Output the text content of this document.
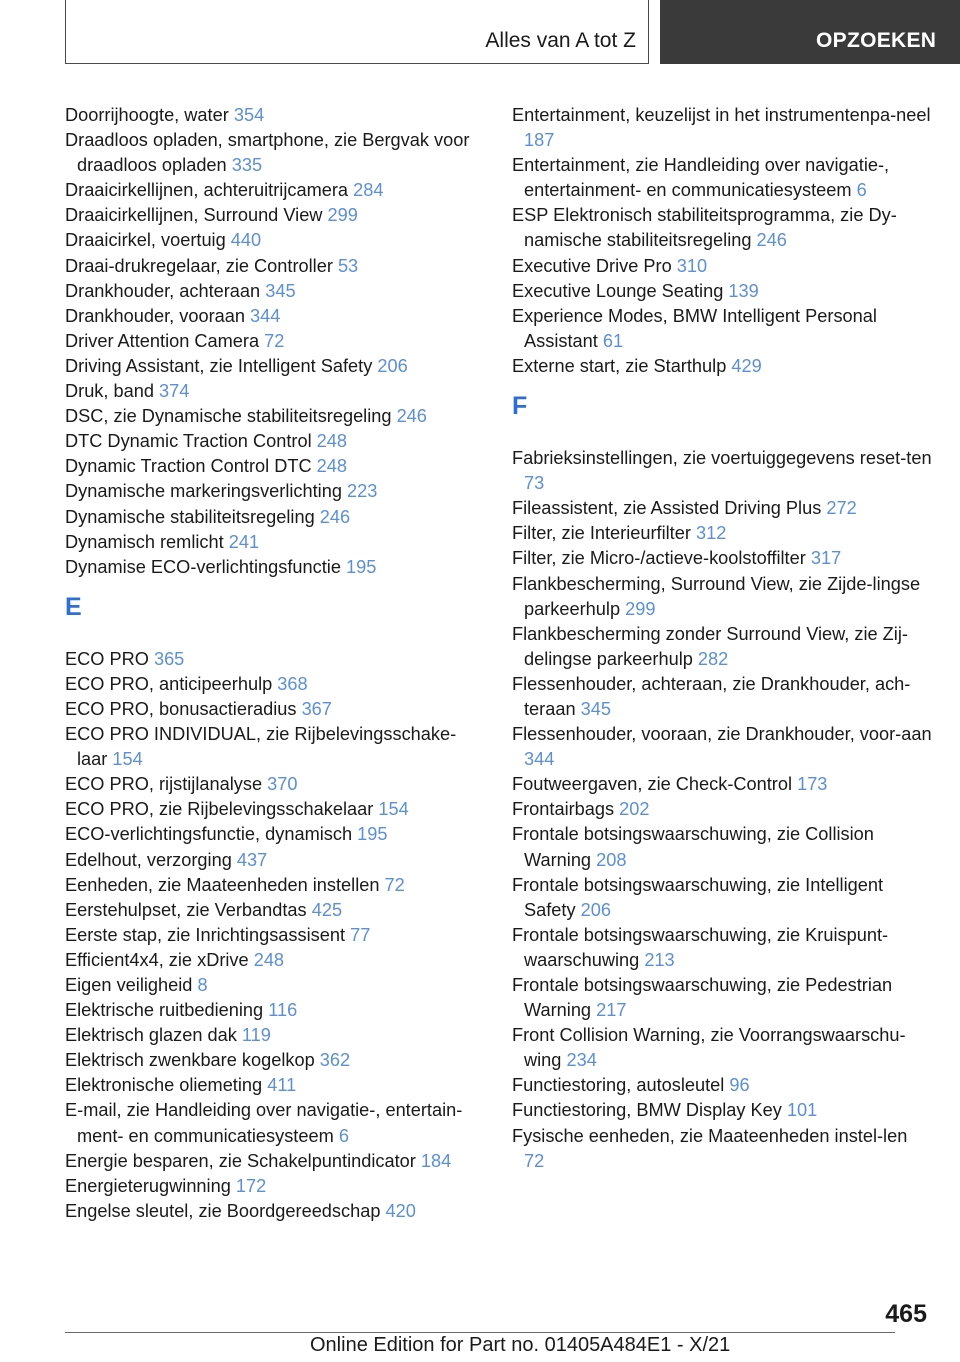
Alles van A tot Z	OPZOEKEN

Doorrijhoogte, water 354

Draadloos opladen, smartphone, zie Bergvak voor draadloos opladen 335

Draaicirkellijnen, achteruitrijcamera 284

Draaicirkellijnen, Surround View 299

Draaicirkel, voertuig 440

Draai-drukregelaar, zie Controller 53

Drankhouder, achteraan 345

Drankhouder, vooraan 344

Driver Attention Camera 72

Driving Assistant, zie Intelligent Safety 206

Druk, band 374

DSC, zie Dynamische stabiliteitsregeling 246

DTC Dynamic Traction Control 248

Dynamic Traction Control DTC 248

Dynamische markeringsverlichting 223

Dynamische stabiliteitsregeling 246

Dynamisch remlicht 241

Dynamise ECO-verlichtingsfunctie 195

E

ECO PRO 365

ECO PRO, anticipeerhulp 368

ECO PRO, bonusactieradius 367

ECO PRO INDIVIDUAL, zie Rijbelevingsschake‐laar 154

ECO PRO, rijstijlanalyse 370

ECO PRO, zie Rijbelevingsschakelaar 154

ECO-verlichtingsfunctie, dynamisch 195

Edelhout, verzorging 437

Eenheden, zie Maateenheden instellen 72

Eerstehulpset, zie Verbandtas 425

Eerste stap, zie Inrichtingsassisent 77

Efficient4x4, zie xDrive 248

Eigen veiligheid 8

Elektrische ruitbediening 116

Elektrisch glazen dak 119

Elektrisch zwenkbare kogelkop 362

Elektronische oliemeting 411

E-mail, zie Handleiding over navigatie-, entertain‐ment- en communicatiesysteem 6

Energie besparen, zie Schakelpuntindicator 184

Energieterugwinning 172

Engelse sleutel, zie Boordgereedschap 420

Entertainment, keuzelijst in het instrumentenpa‐neel 187

Entertainment, zie Handleiding over navigatie-, entertainment- en communicatiesysteem 6

ESP Elektronisch stabiliteitsprogramma, zie Dy‐namische stabiliteitsregeling 246

Executive Drive Pro 310

Executive Lounge Seating 139

Experience Modes, BMW Intelligent Personal Assistant 61

Externe start, zie Starthulp 429

F

Fabrieksinstellingen, zie voertuiggegevens reset‐ten 73

Fileassistent, zie Assisted Driving Plus 272

Filter, zie Interieurfilter 312

Filter, zie Micro-/actieve-koolstoffilter 317

Flankbescherming, Surround View, zie Zijde‐lingse parkeerhulp 299

Flankbescherming zonder Surround View, zie Zij‐delingse parkeerhulp 282

Flessenhouder, achteraan, zie Drankhouder, ach‐teraan 345

Flessenhouder, vooraan, zie Drankhouder, voor‐aan 344

Foutweergaven, zie Check-Control 173

Frontairbags 202

Frontale botsingswaarschuwing, zie Collision Warning 208

Frontale botsingswaarschuwing, zie Intelligent Safety 206

Frontale botsingswaarschuwing, zie Kruispunt‐waarschuwing 213

Frontale botsingswaarschuwing, zie Pedestrian Warning 217

Front Collision Warning, zie Voorrangswaarschu‐wing 234

Functiestoring, autosleutel 96

Functiestoring, BMW Display Key 101

Fysische eenheden, zie Maateenheden instel‐len 72

465
Online Edition for Part no. 01405A484E1 - X/21
